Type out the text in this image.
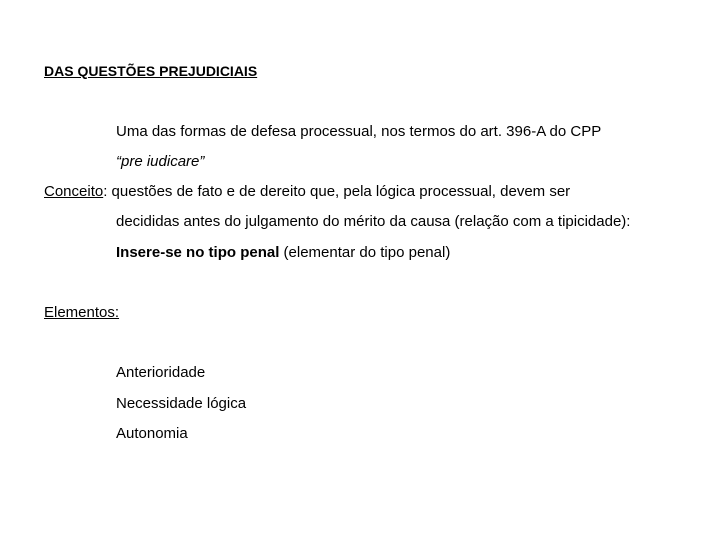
DAS QUESTÕES PREJUDICIAIS
Uma das formas de defesa processual, nos termos do art. 396-A do CPP
“pre iudicare”
Conceito: questões de fato e de dereito que, pela lógica processual, devem ser
decididas antes do julgamento do mérito da causa (relação com a tipicidade):
Insere-se no tipo penal (elementar do tipo penal)
Elementos:
Anterioridade
Necessidade lógica
Autonomia
